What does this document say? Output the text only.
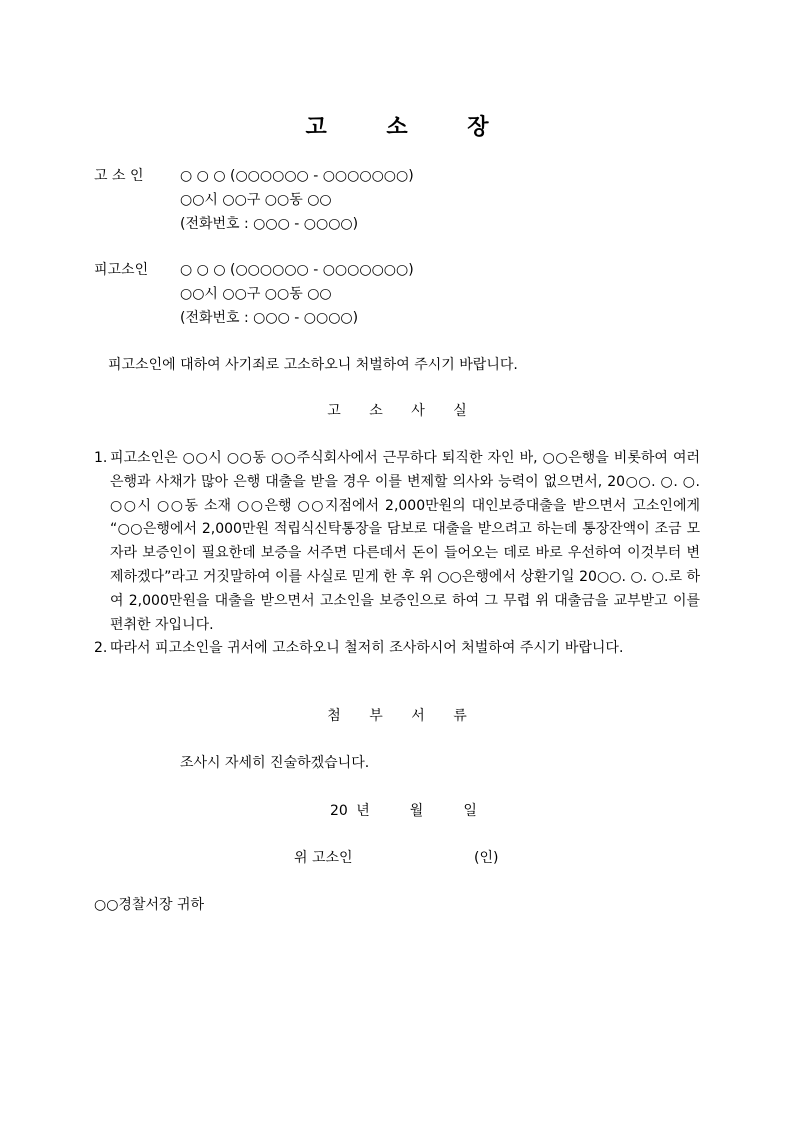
고 소 장
고 소 인	○ ○ ○ (○○○○○○ - ○○○○○○○)
○○시 ○○구 ○○동 ○○
(전화번호 : ○○○ - ○○○○)
피고소인	○ ○ ○ (○○○○○○ - ○○○○○○○)
○○시 ○○구 ○○동 ○○
(전화번호 : ○○○ - ○○○○)
피고소인에 대하여 사기죄로 고소하오니 처벌하여 주시기 바랍니다.
고 소 사 실
1. 피고소인은 ○○시 ○○동 ○○주식회사에서 근무하다 퇴직한 자인 바, ○○은행을 비롯하여 여러 은행과 사채가 많아 은행 대출을 받을 경우 이를 변제할 의사와 능력이 없으면서, 20○○. ○. ○. ○○시 ○○동 소재 ○○은행 ○○지점에서 2,000만원의 대인보증대출을 받으면서 고소인에게 “○○은행에서 2,000만원 적립식신탁통장을 담보로 대출을 받으려고 하는데 통장잔액이 조금 모자라 보증인이 필요한데 보증을 서주면 다른데서 돈이 들어오는 데로 바로 우선하여 이것부터 변제하겠다”라고 거짓말하여 이를 사실로 믿게 한 후 위 ○○은행에서 상환기일 20○○. ○. ○.로 하여 2,000만원을 대출을 받으면서 고소인을 보증인으로 하여 그 무렵 위 대출금을 교부받고 이를 편취한 자입니다.
2. 따라서 피고소인을 귀서에 고소하오니 철저히 조사하시어 처벌하여 주시기 바랍니다.
첨 부 서 류
조사시 자세히 진술하겠습니다.
20 년	월	일
위 고소인	(인)
○○경찰서장 귀하
